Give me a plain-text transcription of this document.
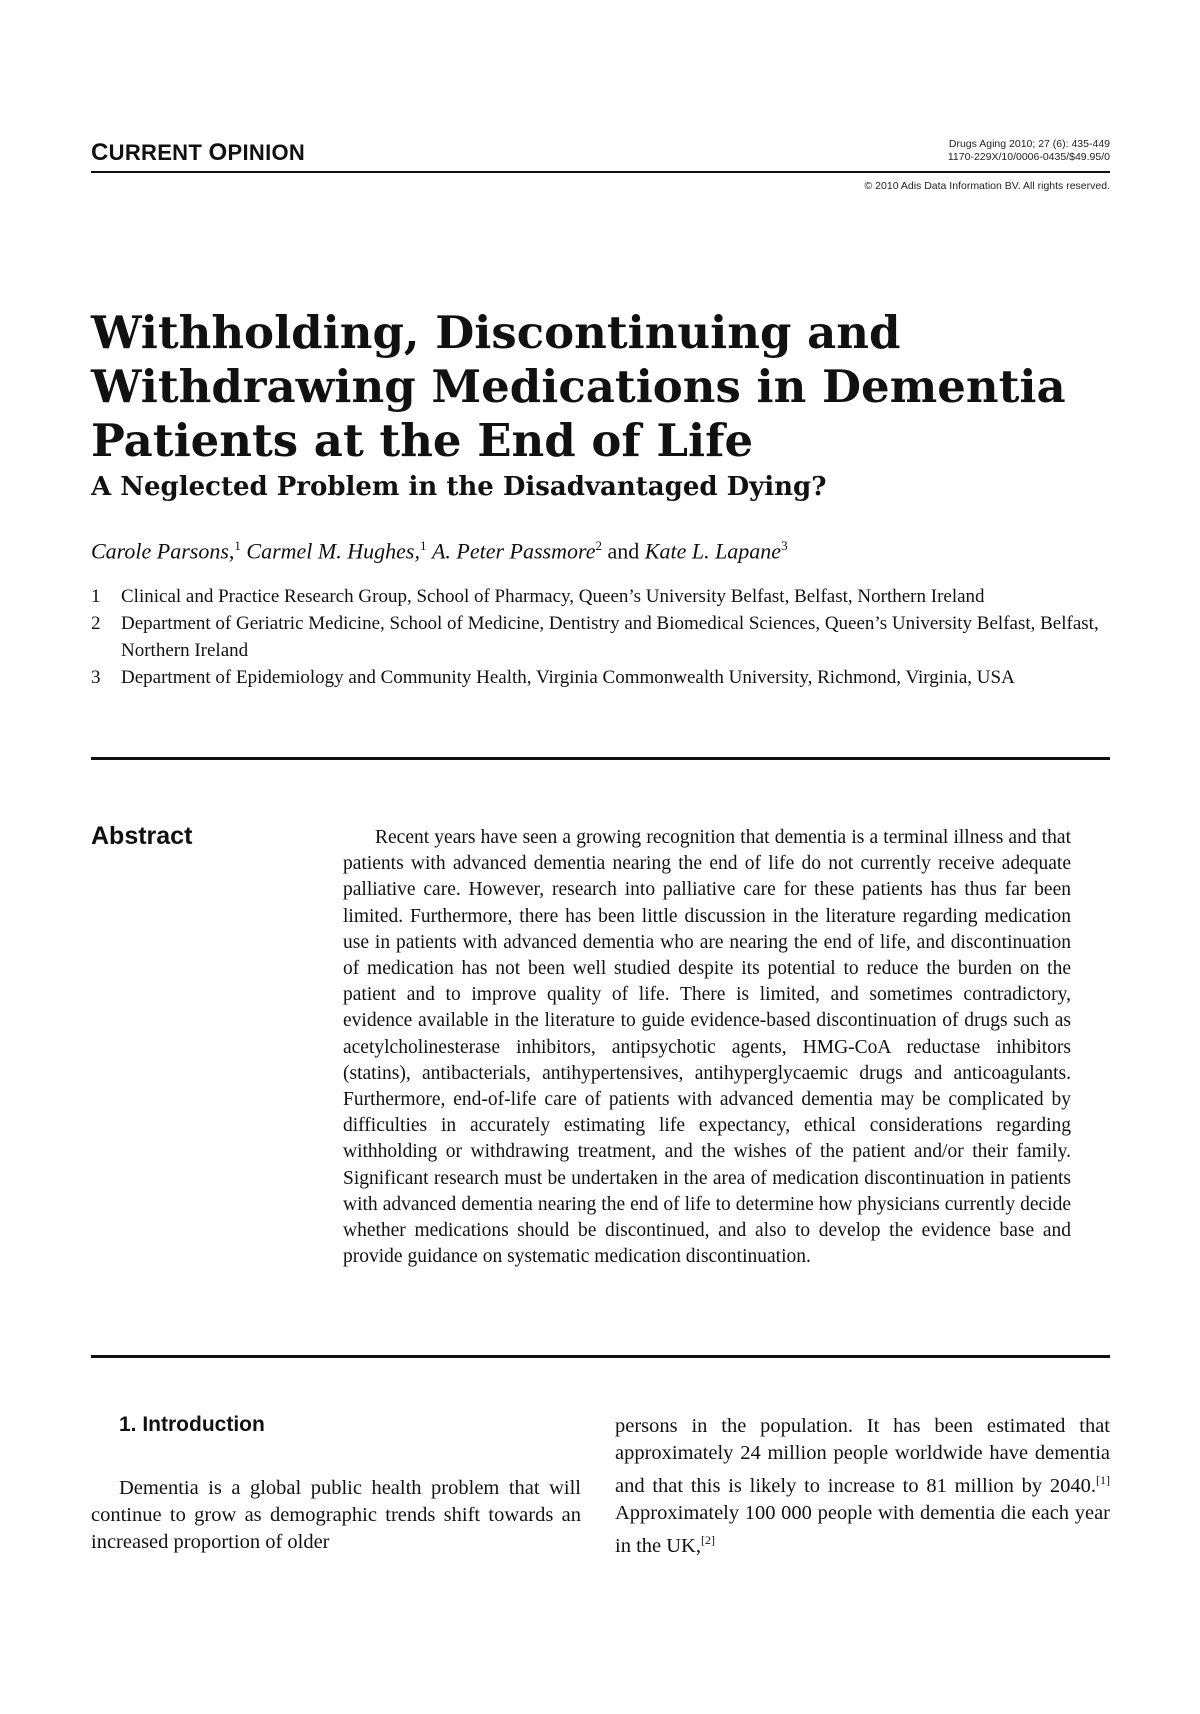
CURRENT OPINION	Drugs Aging 2010; 27 (6): 435-449
1170-229X/10/0006-0435/$49.95/0
© 2010 Adis Data Information BV. All rights reserved.
Withholding, Discontinuing and
Withdrawing Medications in Dementia
Patients at the End of Life
A Neglected Problem in the Disadvantaged Dying?
Carole Parsons,$^1$ Carmel M. Hughes,$^1$ A. Peter Passmore$^2$ and Kate L. Lapane$^3$
1 Clinical and Practice Research Group, School of Pharmacy, Queen’s University Belfast, Belfast, Northern Ireland
2 Department of Geriatric Medicine, School of Medicine, Dentistry and Biomedical Sciences, Queen’s University Belfast, Belfast, Northern Ireland
3 Department of Epidemiology and Community Health, Virginia Commonwealth University, Richmond, Virginia, USA
Abstract	Recent years have seen a growing recognition that dementia is a terminal illness and that patients with advanced dementia nearing the end of life do not currently receive adequate palliative care. However, research into palliative care for these patients has thus far been limited. Furthermore, there has been little discussion in the literature regarding medication use in patients with advanced dementia who are nearing the end of life, and discontinuation of medication has not been well studied despite its potential to reduce the burden on the patient and to improve quality of life. There is limited, and sometimes contradictory, evidence available in the literature to guide evidence-based discontinuation of drugs such as acetylcholinesterase inhibitors, antipsychotic agents, HMG-CoA reductase inhibitors (statins), antibacterials, antihypertensives, antihyperglycaemic drugs and anticoagulants. Furthermore, end-of-life care of patients with advanced dementia may be complicated by difficulties in accurately estimating life expectancy, ethical considerations regarding withholding or withdrawing treatment, and the wishes of the patient and/or their family. Significant research must be undertaken in the area of medication discontinuation in patients with advanced dementia nearing the end of life to determine how physicians currently decide whether medications should be discontinued, and also to develop the evidence base and provide guidance on systematic medication discontinuation.

1. Introduction

Dementia is a global public health problem that will continue to grow as demographic trends shift towards an increased proportion of older

persons in the population. It has been estimated that approximately 24 million people worldwide have dementia and that this is likely to increase to 81 million by 2040.[1] Approximately 100 000 people with dementia die each year in the UK,[2]
